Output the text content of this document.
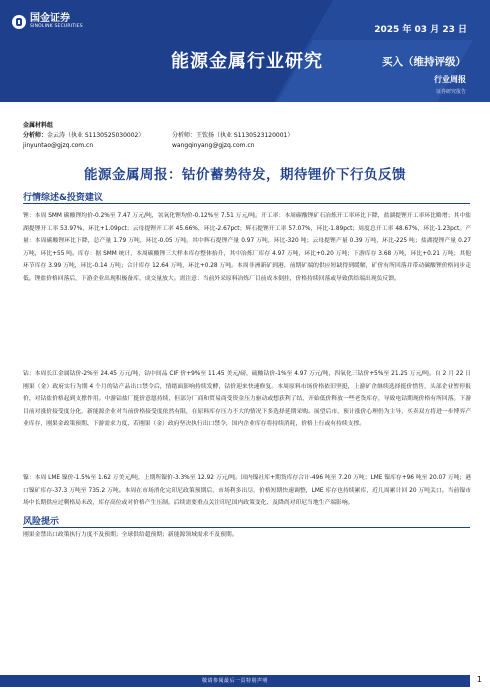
国金证券
SINOLINK SECURITIES	2025 年 03 月 23 日
能源金属行业研究	买入（维持评级）
行业周报
证券研究报告
金属材料组
分析师：金云涛（执业 S1130525030002）
jinyuntao@gjzq.com.cn
分析师：王钦扬（执业 S1130523120001）
wangqinyang@gjzq.com.cn
能源金属周报：钴价蓄势待发，期待锂价下行负反馈
行情综述&投资建议

锂：本周 SMM 碳酸锂均价-0.2%至 7.47 万元/吨，氢氧化锂均价-0.12%至 7.51 万元/吨。开工率：本周碳酸锂矿石冶炼开工率环比下降，盐湖提锂开工率环比略增；其中盐湖提锂开工率 53.97%，环比+1.09pct；云母提锂开工率 45.66%，环比-2.67pct；辉石提锂开工率 57.07%，环比-1.89pct；周度总开工率 48.67%，环比-1.23pct。产量：本周碳酸锂环比下降，总产量 1.79 万吨，环比-0.05 万吨。其中辉石提锂产量 0.97 万吨，环比-320 吨；云母提锂产量 0.39 万吨，环比-225 吨；盐湖提锂产量 0.27 万吨，环比+55 吨。库存：据 SMM 统计，本周碳酸锂三大样本库存整体抬升，其中冶炼厂库存 4.97 万吨，环比+0.20 万吨；下游库存 3.68 万吨，环比+0.21 万吨；其他环节库存 3.99 万吨，环比-0.14 万吨；合计库存 12.64 万吨，环比+0.28 万吨。本周非洲新矿到港，前期矿端的供应短缺得到缓解，矿价有所回落并带动碳酸锂价格同步走低。锂盐价格回落后，下游企业出现积极备库，成交量放大。需注意：当前外采原料冶炼厂目前成本倒挂，价格持续回落或导致供给端出现负反馈。

钴：本周长江金属钴价-2%至 24.45 万元/吨，钴中间品 CIF 价+9%至 11.45 美元/磅，硫酸钴价-1%至 4.97 万元/吨，四氧化三钴价+5%至 21.25 万元/吨。自 2 月 22 日刚果（金）政府实行为期 4 个月的钴产品出口禁令后，情绪面影响持续发酵，钴价迎来快速修复。本周原料市场价格依旧坚挺，上游矿企继续选择挺价惜售，头部企业暂停报价，对钴盐价格起到支撑作用。中游钴盐厂挺价意愿持续，但部分厂商和贸易商受资金压力驱动或想获利了结，开始低价释放一些老货库存，导致电钴期现价格有所回落。下游目前对涨价接受度分化，新能源企业对当前价格接受度依然有限，在原料库存压力不大的情况下多选择延期采购。展望后市，预计涨价心理仍为主导，买卖双方将进一步博弈产业库存，刚果金政策预期、下游需求力度、若刚果（金）政府坚决执行出口禁令，国内企业库存将持续消耗，价格上行或有持续支撑。

镍：本周 LME 镍价-1.5%至 1.62 万美元/吨，上期所镍价-3.3%至 12.92 万元/吨。国内镍社库+期货库存合计-496 吨至 7.20 万吨；LME 镍库存+96 吨至 20.07 万吨；港口镍矿库存-37.3 万吨至 735.2 万吨。本周在市场消化完印尼政策预期后，市场利多出尽，价格短期快速调整，LME 库存也持续累库，近几周累计回 20 万吨关口。当前镍市场中长期供应过剩格局未改，库存高位或对价格产生压制。后续需要重点关注印尼国内政策变化、及降尚对印尼当地生产端影响。

风险提示

刚果金禁出口政策执行力度不及预期；全球供给超预期；新能源领域需求不及预期。

敬请参阅最后一页特别声明	1
